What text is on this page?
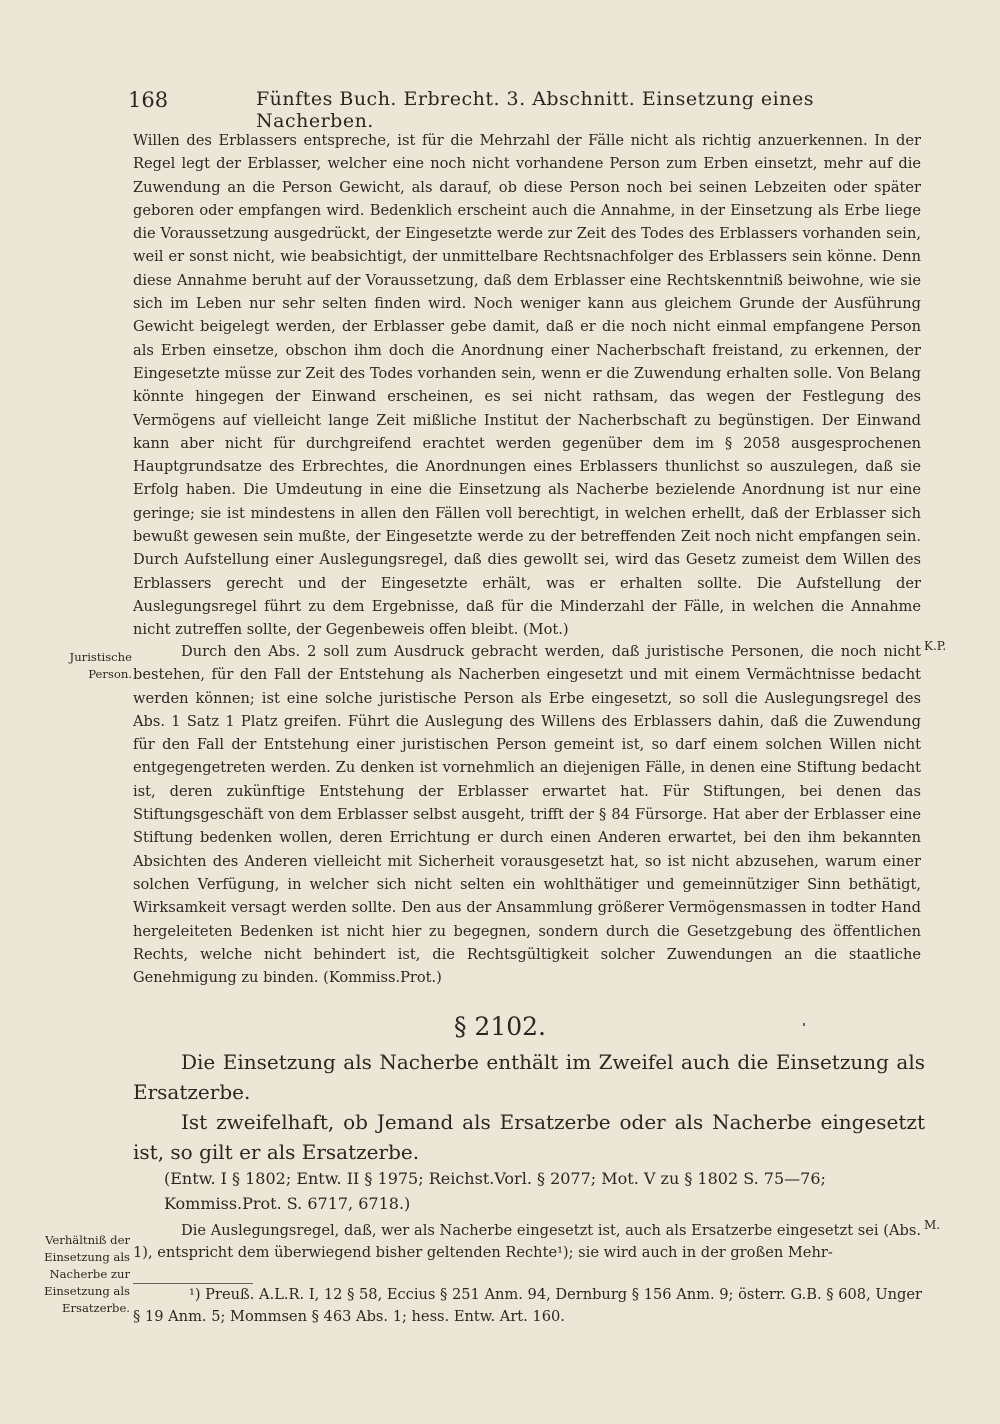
168	Fünftes Buch. Erbrecht. 3. Abschnitt. Einsetzung eines Nacherben.

Willen des Erblassers entspreche, ist für die Mehrzahl der Fälle nicht als richtig anzuerkennen. In der Regel legt der Erblasser, welcher eine noch nicht vorhandene Person zum Erben einsetzt, mehr auf die Zuwendung an die Person Gewicht, als darauf, ob diese Person noch bei seinen Lebzeiten oder später geboren oder empfangen wird. Bedenklich erscheint auch die Annahme, in der Einsetzung als Erbe liege die Voraussetzung ausgedrückt, der Eingesetzte werde zur Zeit des Todes des Erblassers vorhanden sein, weil er sonst nicht, wie beabsichtigt, der unmittelbare Rechtsnachfolger des Erblassers sein könne. Denn diese Annahme beruht auf der Voraussetzung, daß dem Erblasser eine Rechtskenntniß beiwohne, wie sie sich im Leben nur sehr selten finden wird. Noch weniger kann aus gleichem Grunde der Ausführung Gewicht beigelegt werden, der Erblasser gebe damit, daß er die noch nicht einmal empfangene Person als Erben einsetze, obschon ihm doch die Anordnung einer Nacherbschaft freistand, zu erkennen, der Eingesetzte müsse zur Zeit des Todes vorhanden sein, wenn er die Zuwendung erhalten solle. Von Belang könnte hingegen der Einwand erscheinen, es sei nicht rathsam, das wegen der Festlegung des Vermögens auf vielleicht lange Zeit mißliche Institut der Nacherbschaft zu begünstigen. Der Einwand kann aber nicht für durchgreifend erachtet werden gegenüber dem im § 2058 ausgesprochenen Hauptgrundsatze des Erbrechtes, die Anordnungen eines Erblassers thunlichst so auszulegen, daß sie Erfolg haben. Die Umdeutung in eine die Einsetzung als Nacherbe bezielende Anordnung ist nur eine geringe; sie ist mindestens in allen den Fällen voll berechtigt, in welchen erhellt, daß der Erblasser sich bewußt gewesen sein mußte, der Eingesetzte werde zu der betreffenden Zeit noch nicht empfangen sein. Durch Aufstellung einer Auslegungsregel, daß dies gewollt sei, wird das Gesetz zumeist dem Willen des Erblassers gerecht und der Eingesetzte erhält, was er erhalten sollte. Die Aufstellung der Auslegungsregel führt zu dem Ergebnisse, daß für die Minderzahl der Fälle, in welchen die Annahme nicht zutreffen sollte, der Gegenbeweis offen bleibt. (Mot.)

Juristische
Person.
K.P.

Durch den Abs. 2 soll zum Ausdruck gebracht werden, daß juristische Personen, die noch nicht bestehen, für den Fall der Entstehung als Nacherben eingesetzt und mit einem Vermächtnisse bedacht werden können; ist eine solche juristische Person als Erbe eingesetzt, so soll die Auslegungsregel des Abs. 1 Satz 1 Platz greifen. Führt die Auslegung des Willens des Erblassers dahin, daß die Zuwendung für den Fall der Entstehung einer juristischen Person gemeint ist, so darf einem solchen Willen nicht entgegengetreten werden. Zu denken ist vornehmlich an diejenigen Fälle, in denen eine Stiftung bedacht ist, deren zukünftige Entstehung der Erblasser erwartet hat. Für Stiftungen, bei denen das Stiftungsgeschäft von dem Erblasser selbst ausgeht, trifft der § 84 Fürsorge. Hat aber der Erblasser eine Stiftung bedenken wollen, deren Errichtung er durch einen Anderen erwartet, bei den ihm bekannten Absichten des Anderen vielleicht mit Sicherheit vorausgesetzt hat, so ist nicht abzusehen, warum einer solchen Verfügung, in welcher sich nicht selten ein wohlthätiger und gemeinnütziger Sinn bethätigt, Wirksamkeit versagt werden sollte. Den aus der Ansammlung größerer Vermögensmassen in todter Hand hergeleiteten Bedenken ist nicht hier zu begegnen, sondern durch die Gesetzgebung des öffentlichen Rechts, welche nicht behindert ist, die Rechtsgültigkeit solcher Zuwendungen an die staatliche Genehmigung zu binden. (Kommiss.Prot.)

§ 2102.

Die Einsetzung als Nacherbe enthält im Zweifel auch die Einsetzung als Ersatzerbe.

Ist zweifelhaft, ob Jemand als Ersatzerbe oder als Nacherbe eingesetzt ist, so gilt er als Ersatzerbe.

(Entw. I § 1802; Entw. II § 1975; Reichst.Vorl. § 2077; Mot. V zu § 1802 S. 75—76; Kommiss.Prot. S. 6717, 6718.)
Verhältniß der
Einsetzung als
Nacherbe zur
Einsetzung als
Ersatzerbe.
M.

Die Auslegungsregel, daß, wer als Nacherbe eingesetzt ist, auch als Ersatzerbe eingesetzt sei (Abs. 1), entspricht dem überwiegend bisher geltenden Rechte¹); sie wird auch in der großen Mehr-

¹) Preuß. A.L.R. I, 12 § 58, Eccius § 251 Anm. 94, Dernburg § 156 Anm. 9; österr. G.B. § 608, Unger § 19 Anm. 5; Mommsen § 463 Abs. 1; hess. Entw. Art. 160.
